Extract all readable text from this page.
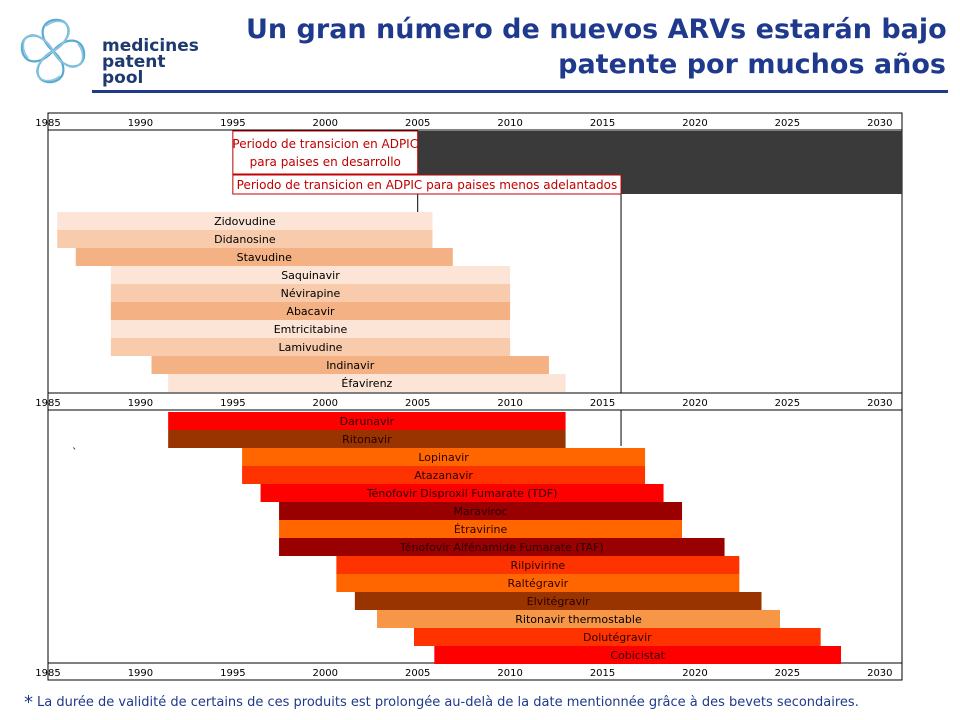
medicines
patent
pool
Un gran número de nuevos ARVs estarán bajo
patente por muchos años
Periodo de transicion en ADPIC
para paises en desarrollo
Periodo de transicion en ADPIC para paises menos adelantados
1985	1990	1995	2000	2005	2010	2015	2020	2025	2030
1985	1990	1995	2000	2005	2010	2015	2020	2025	2030
1985	1990	1995	2000	2005	2010	2015	2020	2025	2030
Zidovudine
Didanosine
Stavudine
Saquinavir
Névirapine
Abacavir
Emtricitabine
Lamivudine
Indinavir
Éfavirenz
Darunavir
Ritonavir
Lopinavir
Atazanavir
Ténofovir Disproxil Fumarate (TDF)
Maraviroc
Étravirine
Ténofovir Alfénamide Fumarate (TAF)
Rilpivirine
Raltégravir
Elvitégravir
Ritonavir thermostable
Dolutégravir
Cobicistat
`
* La durée de validité de certains de ces produits est prolongée au-delà de la date mentionnée grâce à des bevets secondaires.
